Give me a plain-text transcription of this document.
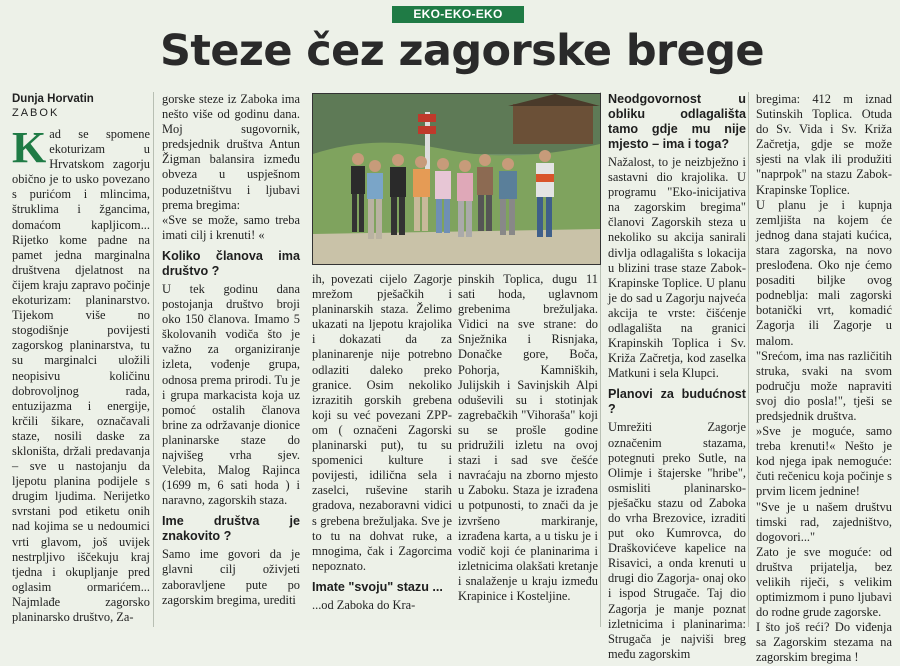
EKO-EKO-EKO
Steze čez zagorske brege
Dunja Horvatin
ZABOK

Kad se spomene ekoturizam u Hrvatskom zagorju obično je to usko povezano s purićom i mlincima, štruklima i žgancima, domaćom kapljicom... Rijetko kome padne na pamet jedna marginalna društvena djelatnost na čijem kraju zapravo počinje ekoturizam: planinarstvo. Tijekom više no stogodišnje povijesti zagorskog planinarstva, tu su marginalci uložili neopisivu količinu dobrovoljnog rada, entuzijazma i energije, krčili šikare, označavali staze, nosili daske za skloništa, držali predavanja – sve u nastojanju da ljepotu planina podijele s drugim ljudima. Nerijetko svrstani pod etiketu onih nad kojima se u nedoumici vrti glavom, još uvijek nestrpljivo iščekuju kraj tjedna i okupljanje pred oglasim ormarićem... Najmlađe zagorsko planinarsko društvo, Za-

gorske steze iz Zaboka ima nešto više od godinu dana. Moj sugovornik, predsjednik društva Antun Žigman balansira između obveza u uspješnom poduzetništvu i ljubavi prema bregima:

«Sve se može, samo treba imati cilj i krenuti! «

Koliko članova ima društvo ?

U tek godinu dana postojanja društvo broji oko 150 članova. Imamo 5 školovanih vodiča što je važno za organiziranje izleta, vođenje grupa, odnosa prema prirodi. Tu je i grupa markacista koja uz pomoć ostalih članova brine za održavanje dionice planinarske staze do najvišeg vrha sjev. Velebita, Malog Rajinca (1699 m, 6 sati hoda ) i naravno, zagorskih staza.

Ime društva je znakovito ?

Samo ime govori da je glavni cilj oživjeti zaboravljene pute po zagorskim bregima, urediti

ih, povezati cijelo Zagorje mrežom pješačkih i planinarskih staza. Želimo ukazati na ljepotu krajolika i dokazati da za planinarenje nije potrebno odlaziti daleko preko granice. Osim nekoliko izrazitih gorskih grebena koji su već povezani ZPP-om ( označeni Zagorski planinarski put), tu su spomenici kulture i povijesti, idilična sela i zaselci, ruševine starih gradova, nezaboravni vidici s grebena brežuljaka. Sve je to tu na dohvat ruke, a mnogima, čak i Zagorcima nepoznato.

Imate "svoju" stazu ...

...od Zaboka do Kra-

pinskih Toplica, dugu 11 sati hoda, uglavnom grebenima brežuljaka. Vidici na sve strane: do Snježnika i Risnjaka, Donačke gore, Boča, Pohorja, Kamniških, Julijskih i Savinjskih Alpi oduševili su i stotinjak zagrebačkih "Vihoraša" koji su se prošle godine pridružili izletu na ovoj stazi i sad sve češće navraćaju na zborno mjesto u Zaboku. Staza je izrađena u potpunosti, to znači da je izvršeno markiranje, izrađena karta, a u tisku je i vodič koji će planinarima i izletnicima olakšati kretanje i snalaženje u kraju između Krapinice i Kosteljine.

Neodgovornost u obliku odlagališta tamo gdje mu nije mjesto – ima i toga?

Nažalost, to je neizbježno i sastavni dio krajolika. U programu "Eko-inicijativa na zagorskim bregima" članovi Zagorskih steza u nekoliko su akcija sanirali divlja odlagališta s lokacija u blizini trase staze Zabok-Krapinske Toplice. U planu je do sad u Zagorju najveća akcija te vrste: čišćenje odlagališta na granici Krapinskih Toplica i Sv. Križa Začretja, kod zaselka Matkuni i sela Klupci.

Planovi za budućnost ?

Umrežiti Zagorje označenim stazama, potegnuti preko Sutle, na Olimje i štajerske "hribe", osmisliti planinarsko-pješačku stazu od Zaboka do vrha Brezovice, izraditi put oko Kumrovca, do Draškovićeve kapelice na Risavici, a onda krenuti u drugi dio Zagorja- onaj oko i ispod Strugače. Taj dio Zagorja je manje poznat izletnicima i planinarima: Strugača je najviši breg među zagorskim

bregima: 412 m iznad Sutinskih Toplica. Otuda do Sv. Vida i Sv. Križa Začretja, gdje se može sjesti na vlak ili produžiti "naprpok" na stazu Zabok-Krapinske Toplice.

U planu je i kupnja zemljišta na kojem će jednog dana stajati kućica, stara zagorska, na novo preslođena. Oko nje ćemo posaditi biljke ovog podneblja: mali zagorski botanički vrt, komadić Zagorja ili Zagorje u malom.

"Srećom, ima nas različitih struka, svaki na svom području može napraviti svoj dio posla!", tješi se predsjednik društva.

»Sve je moguće, samo treba krenuti!« Nešto je kod njega ipak nemoguće: čuti rečenicu koja počinje s prvim licem jednine!

"Sve je u našem društvu timski rad, zajedništvo, dogovori..."

Zato je sve moguće: od društva prijatelja, bez velikih riječi, s velikim optimizmom i puno ljubavi do rodne grude zagorske.

I što još reći? Do viđenja sa Zagorskim stezama na zagorskim bregima !
